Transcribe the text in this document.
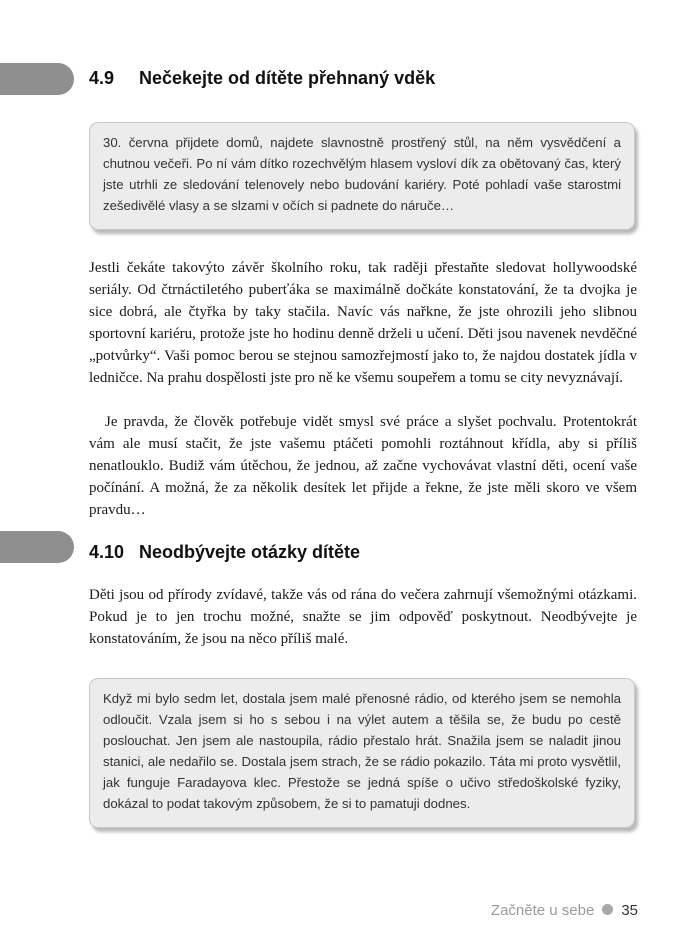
4.9 Nečekejte od dítěte přehnaný vděk
30. června přijdete domů, najdete slavnostně prostřený stůl, na něm vysvědčení a chutnou večeři. Po ní vám dítko rozechvělým hlasem vysloví dík za obětovaný čas, který jste utrhli ze sledování telenovely nebo budování kariéry. Poté pohladí vaše starostmi zešedivělé vlasy a se slzami v očích si padnete do náruče…

Jestli čekáte takovýto závěr školního roku, tak raději přestaňte sledovat hollywoodské seriály. Od čtrnáctiletého puberťáka se maximálně dočkáte konstatování, že ta dvojka je sice dobrá, ale čtyřka by taky stačila. Navíc vás nařkne, že jste ohrozili jeho slibnou sportovní kariéru, protože jste ho hodinu denně drželi u učení. Děti jsou navenek nevděčné „potvůrky“. Vaši pomoc berou se stejnou samozřejmostí jako to, že najdou dostatek jídla v ledničce. Na prahu dospělosti jste pro ně ke všemu soupeřem a tomu se city nevyznávají.

Je pravda, že člověk potřebuje vidět smysl své práce a slyšet pochvalu. Protentokrát vám ale musí stačit, že jste vašemu ptáčeti pomohli roztáhnout křídla, aby si příliš nenatlouklo. Budiž vám útěchou, že jednou, až začne vychovávat vlastní děti, ocení vaše počínání. A možná, že za několik desítek let přijde a řekne, že jste měli skoro ve všem pravdu…

4.10 Neodbývejte otázky dítěte

Děti jsou od přírody zvídavé, takže vás od rána do večera zahrnují všemožnými otázkami. Pokud je to jen trochu možné, snažte se jim odpověď poskytnout. Neodbývejte je konstatováním, že jsou na něco příliš malé.

Když mi bylo sedm let, dostala jsem malé přenosné rádio, od kterého jsem se nemohla odloučit. Vzala jsem si ho s sebou i na výlet autem a těšila se, že budu po cestě poslouchat. Jen jsem ale nastoupila, rádio přestalo hrát. Snažila jsem se naladit jinou stanici, ale nedařilo se. Dostala jsem strach, že se rádio pokazilo. Táta mi proto vysvětlil, jak funguje Faradayova klec. Přestože se jedná spíše o učivo středoškolské fyziky, dokázal to podat takovým způsobem, že si to pamatuji dodnes.
Začněte u sebe 35
